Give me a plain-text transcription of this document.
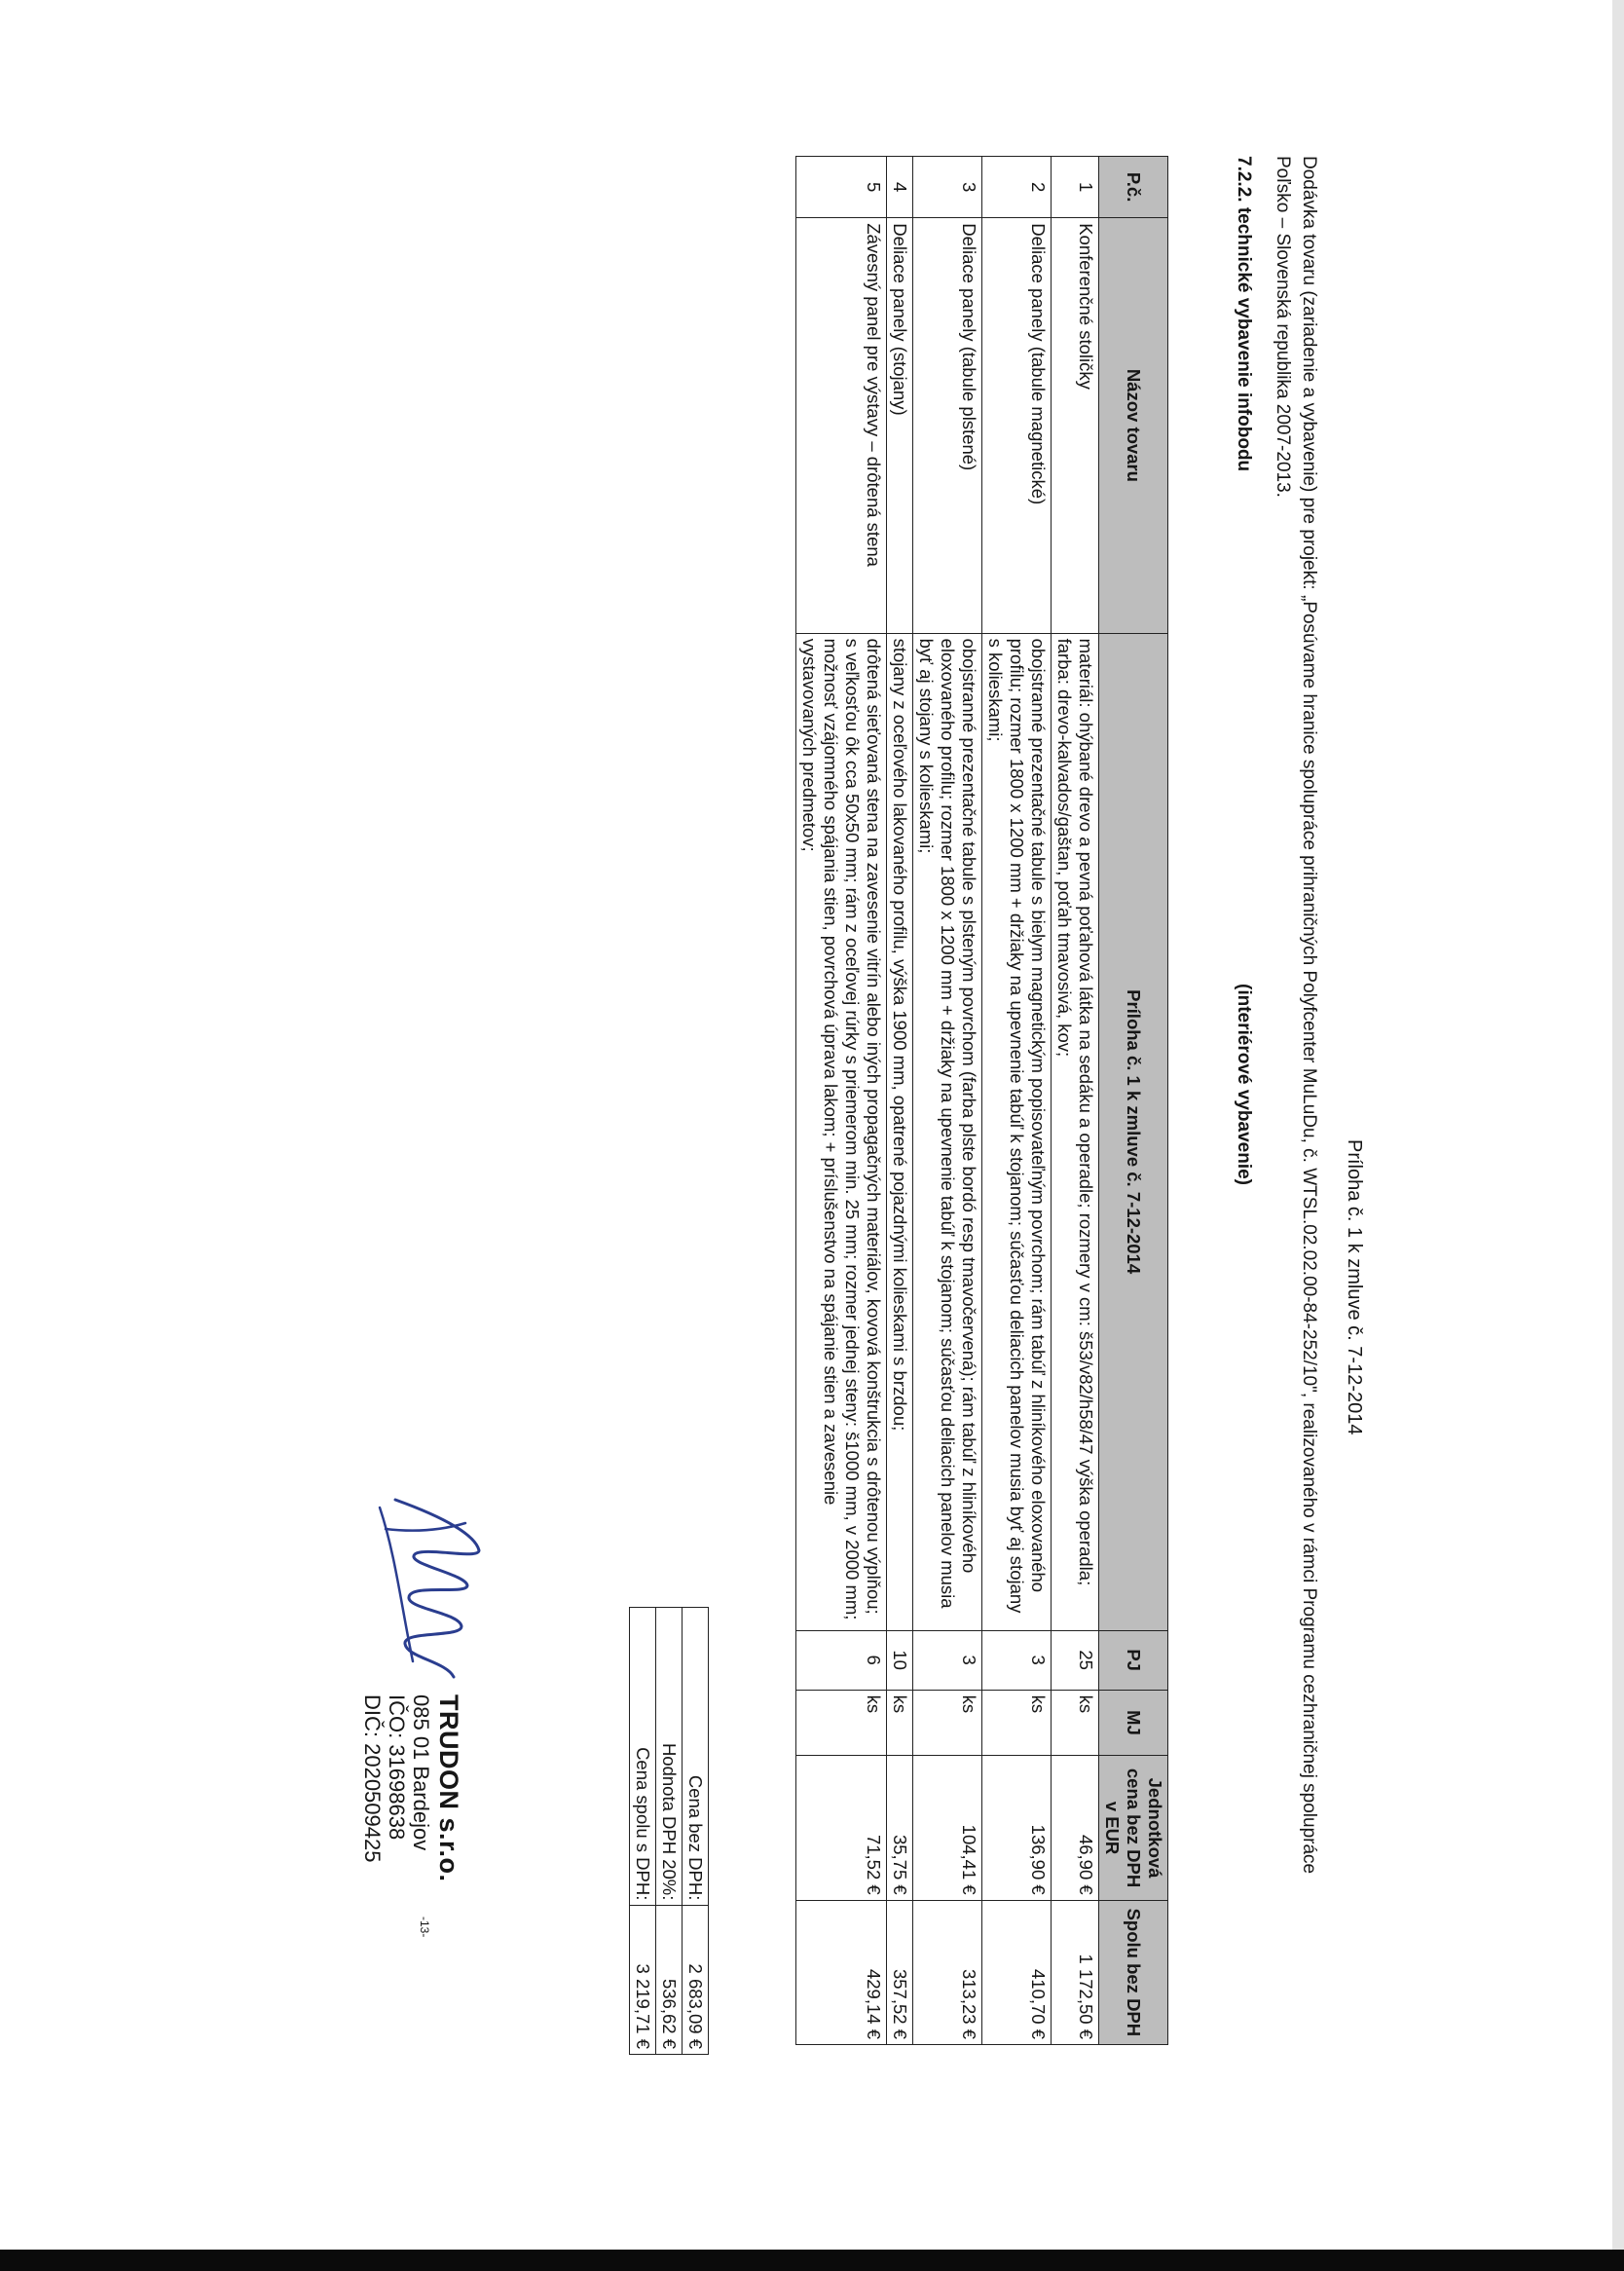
Príloha č. 1 k zmluve č. 7-12-2014
Dodávka tovaru (zariadenie a vybavenie) pre projekt: „Posúvame hranice spolupráce prihraničných Polyfcenter MuLuDu, č. WTSL.02.02.00-84-252/10", realizovaného v rámci Programu cezhraničnej spolupráce Poľsko – Slovenská republika 2007-2013.
7.2.2. technické vybavenie infobodu
(interiérové vybavenie)
P.č.	Názov tovaru	Príloha č. 1 k zmluve č. 7-12-2014	PJ	MJ	Jednotková cena bez DPH v EUR	Spolu bez DPH
1	Konferenčné stoličky	materiál: ohýbané drevo a pevná poťahová látka na sedáku a operadle; rozmery v cm: š53/v82/h58/47 výška operadla; farba: drevo-kalvados/gaštan, poťah tmavosivá, kov;	25	ks	46,90 €	1 172,50 €
2	Deliace panely (tabule magnetické)	obojstranné prezentačné tabule s bielym magnetickým popisovateľným povrchom; rám tabúľ z hliníkového eloxovaného profilu; rozmer 1800 x 1200 mm + držiaky na upevnenie tabúľ k stojanom; súčasťou deliacich panelov musia byť aj stojany s kolieskami;	3	ks	136,90 €	410,70 €
3	Deliace panely (tabule plstené)	obojstranné prezentačné tabule s plsteným povrchom (farba plste bordó resp tmavočervená); rám tabúľ z hliníkového eloxovaného profilu; rozmer 1800 x 1200 mm + držiaky na upevnenie tabúľ k stojanom; súčasťou deliacich panelov musia byť aj stojany s kolieskami;	3	ks	104,41 €	313,23 €
4	Deliace panely (stojany)	stojany z oceľového lakovaného profilu, výška 1900 mm, opatrené pojazdnými kolieskami s brzdou;	10	ks	35,75 €	357,52 €
5	Závesný panel pre výstavy – drôtená stena	drôtená sieťovaná stena na zavesenie vitrín alebo iných propagačných materiálov, kovová konštrukcia s drôtenou výplňou; s veľkosťou ôk cca 50x50 mm; rám z oceľovej rúrky s priemerom min. 25 mm; rozmer jednej steny: š1000 mm, v 2000 mm; možnosť vzájomného spájania stien, povrchová úprava lakom; + príslušenstvo na spájanie stien a zavesenie vystavovaných predmetov;	6	ks	71,52 €	429,14 €
Cena bez DPH:	2 683,09 €
Hodnota DPH 20%:	536,62 €
Cena spolu s DPH:	3 219,71 €
TRUDON s.r.o.
085 01 Bardejov
IČO: 31698638
DIČ: 2020509425
-13-
